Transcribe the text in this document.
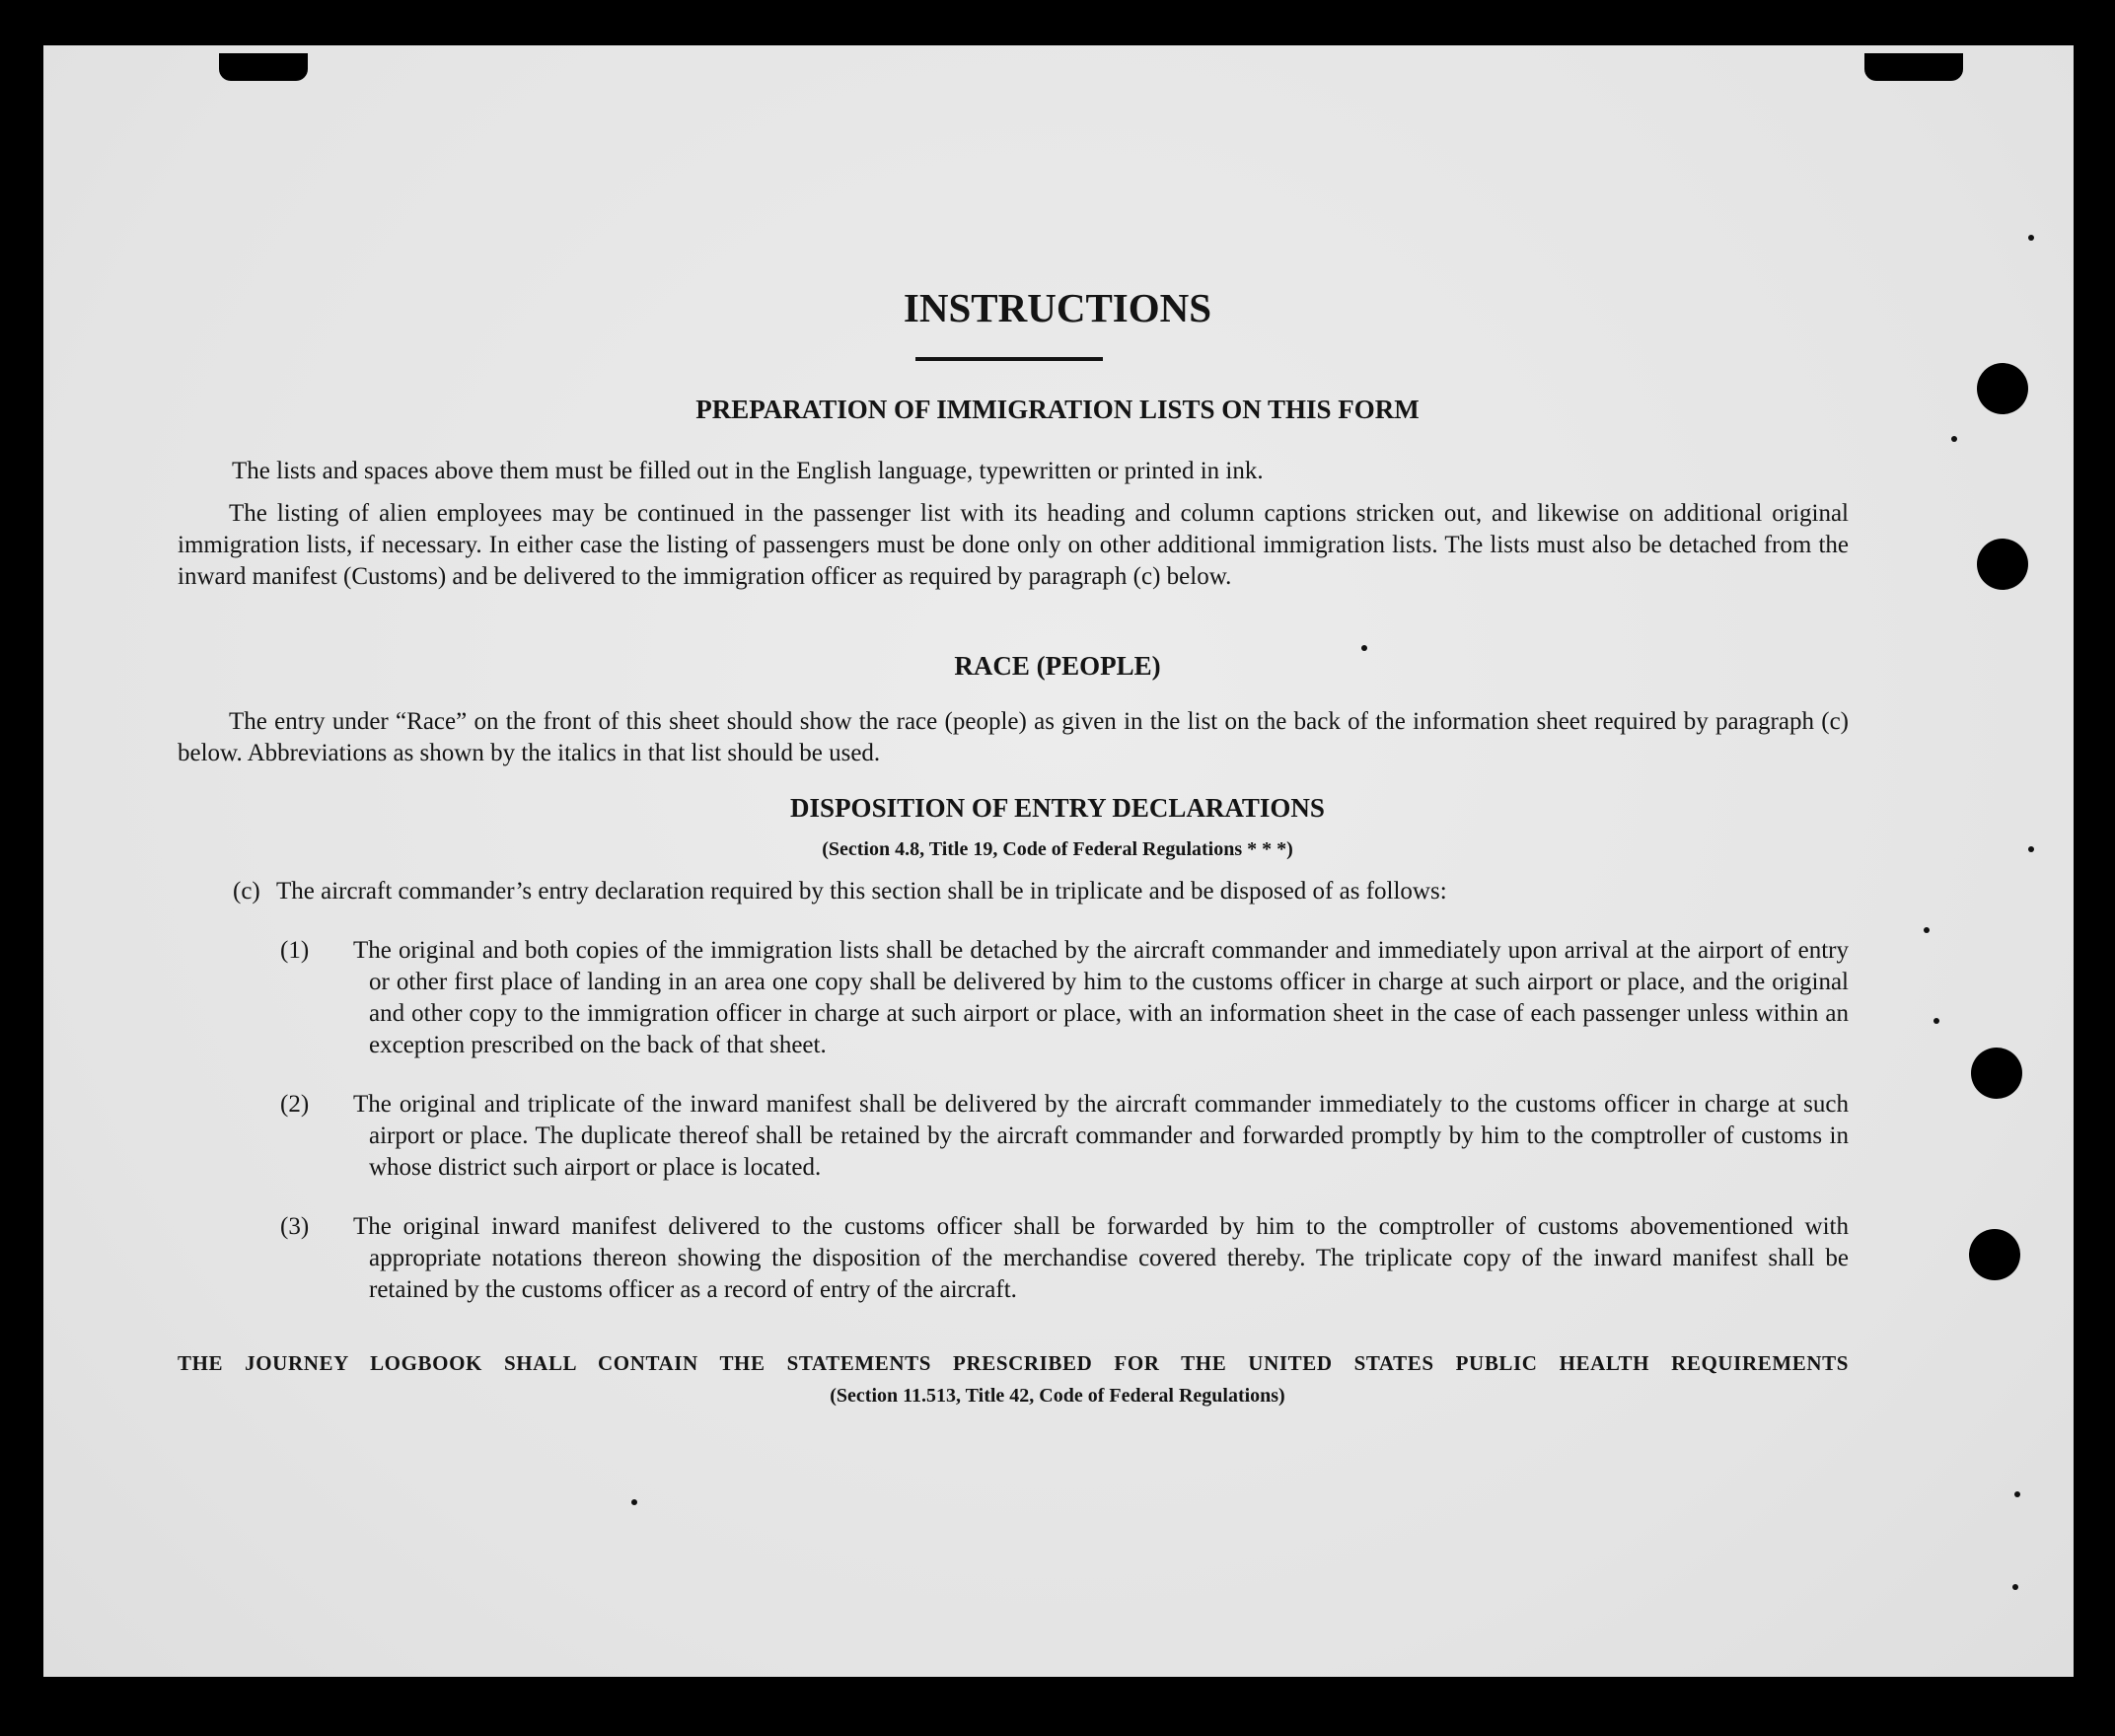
INSTRUCTIONS
PREPARATION OF IMMIGRATION LISTS ON THIS FORM
The lists and spaces above them must be filled out in the English language, typewritten or printed in ink.
The listing of alien employees may be continued in the passenger list with its heading and column captions stricken out, and likewise on additional original immigration lists, if necessary. In either case the listing of passengers must be done only on other additional immigration lists. The lists must also be detached from the inward manifest (Customs) and be delivered to the immigration officer as required by paragraph (c) below.
RACE (PEOPLE)
The entry under “Race” on the front of this sheet should show the race (people) as given in the list on the back of the information sheet required by paragraph (c) below. Abbreviations as shown by the italics in that list should be used.
DISPOSITION OF ENTRY DECLARATIONS
(Section 4.8, Title 19, Code of Federal Regulations * * *)
(c) The aircraft commander’s entry declaration required by this section shall be in triplicate and be disposed of as follows:
(1) The original and both copies of the immigration lists shall be detached by the aircraft commander and immediately upon arrival at the airport of entry or other first place of landing in an area one copy shall be delivered by him to the customs officer in charge at such airport or place, and the original and other copy to the immigration officer in charge at such airport or place, with an information sheet in the case of each passenger unless within an exception prescribed on the back of that sheet.
(2) The original and triplicate of the inward manifest shall be delivered by the aircraft commander immediately to the customs officer in charge at such airport or place. The duplicate thereof shall be retained by the aircraft commander and forwarded promptly by him to the comptroller of customs in whose district such airport or place is located.
(3) The original inward manifest delivered to the customs officer shall be forwarded by him to the comptroller of customs abovementioned with appropriate notations thereon showing the disposition of the merchandise covered thereby. The triplicate copy of the inward manifest shall be retained by the customs officer as a record of entry of the aircraft.
THE JOURNEY LOGBOOK SHALL CONTAIN THE STATEMENTS PRESCRIBED FOR THE UNITED STATES PUBLIC HEALTH REQUIREMENTS
(Section 11.513, Title 42, Code of Federal Regulations)
